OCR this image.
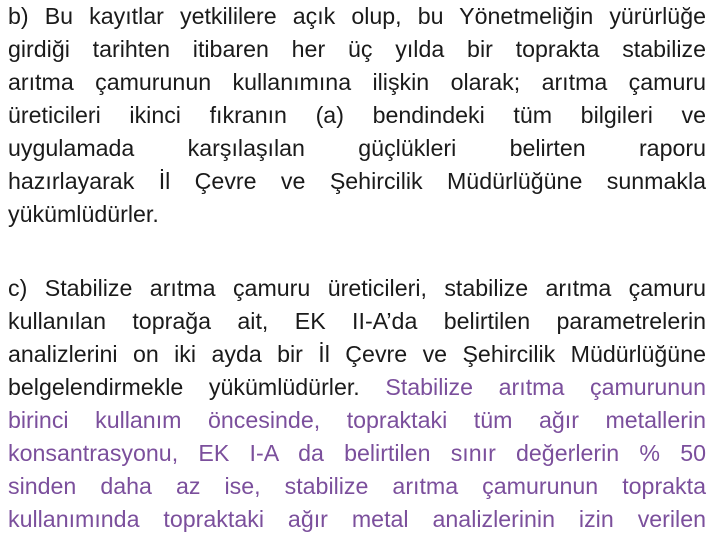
b) Bu kayıtlar yetkililere açık olup, bu Yönetmeliğin yürürlüğe
girdiği tarihten itibaren her üç yılda bir toprakta stabilize
arıtma çamurunun kullanımına ilişkin olarak; arıtma çamuru
üreticileri ikinci fıkranın (a) bendindeki tüm bilgileri ve
uygulamada karşılaşılan güçlükleri belirten raporu
hazırlayarak İl Çevre ve Şehircilik Müdürlüğüne sunmakla
yükümlüdürler.
c) Stabilize arıtma çamuru üreticileri, stabilize arıtma çamuru
kullanılan toprağa ait, EK II-A’da belirtilen parametrelerin
analizlerini on iki ayda bir İl Çevre ve Şehircilik Müdürlüğüne
belgelendirmekle yükümlüdürler. Stabilize arıtma çamurunun
birinci kullanım öncesinde, topraktaki tüm ağır metallerin
konsantrasyonu, EK I-A da belirtilen sınır değerlerin % 50
sinden daha az ise, stabilize arıtma çamurunun toprakta
kullanımında topraktaki ağır metal analizlerinin izin verilen
